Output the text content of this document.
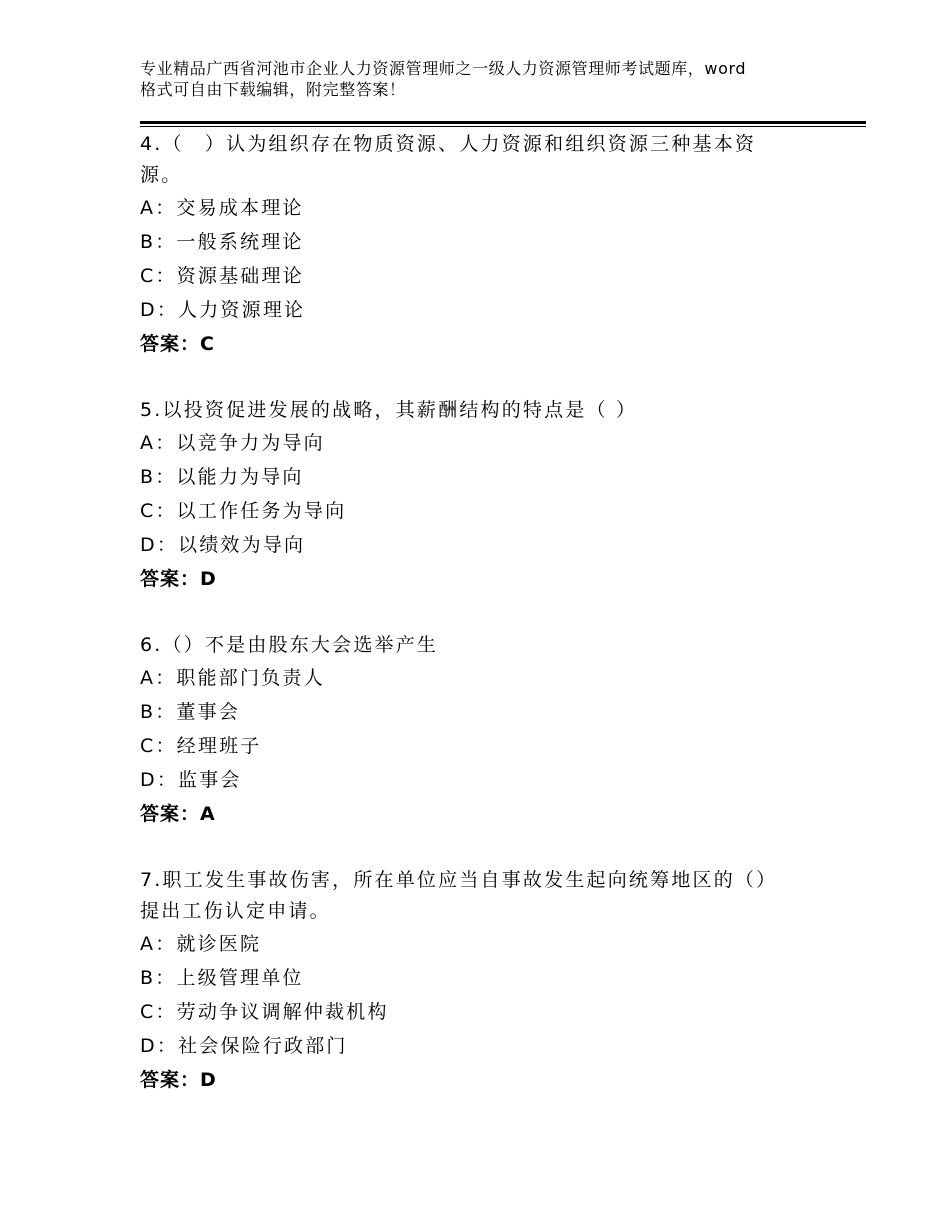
专业精品广西省河池市企业人力资源管理师之一级人力资源管理师考试题库，word
格式可自由下载编辑，附完整答案！
4.（　）认为组织存在物质资源、人力资源和组织资源三种基本资
源。
A：交易成本理论
B：一般系统理论
C：资源基础理论
D：人力资源理论
答案：C
5.以投资促进发展的战略，其薪酬结构的特点是（ ）
A：以竞争力为导向
B：以能力为导向
C：以工作任务为导向
D：以绩效为导向
答案：D
6.（）不是由股东大会选举产生
A：职能部门负责人
B：董事会
C：经理班子
D：监事会
答案：A
7.职工发生事故伤害，所在单位应当自事故发生起向统筹地区的（）
提出工伤认定申请。
A：就诊医院
B：上级管理单位
C：劳动争议调解仲裁机构
D：社会保险行政部门
答案：D
